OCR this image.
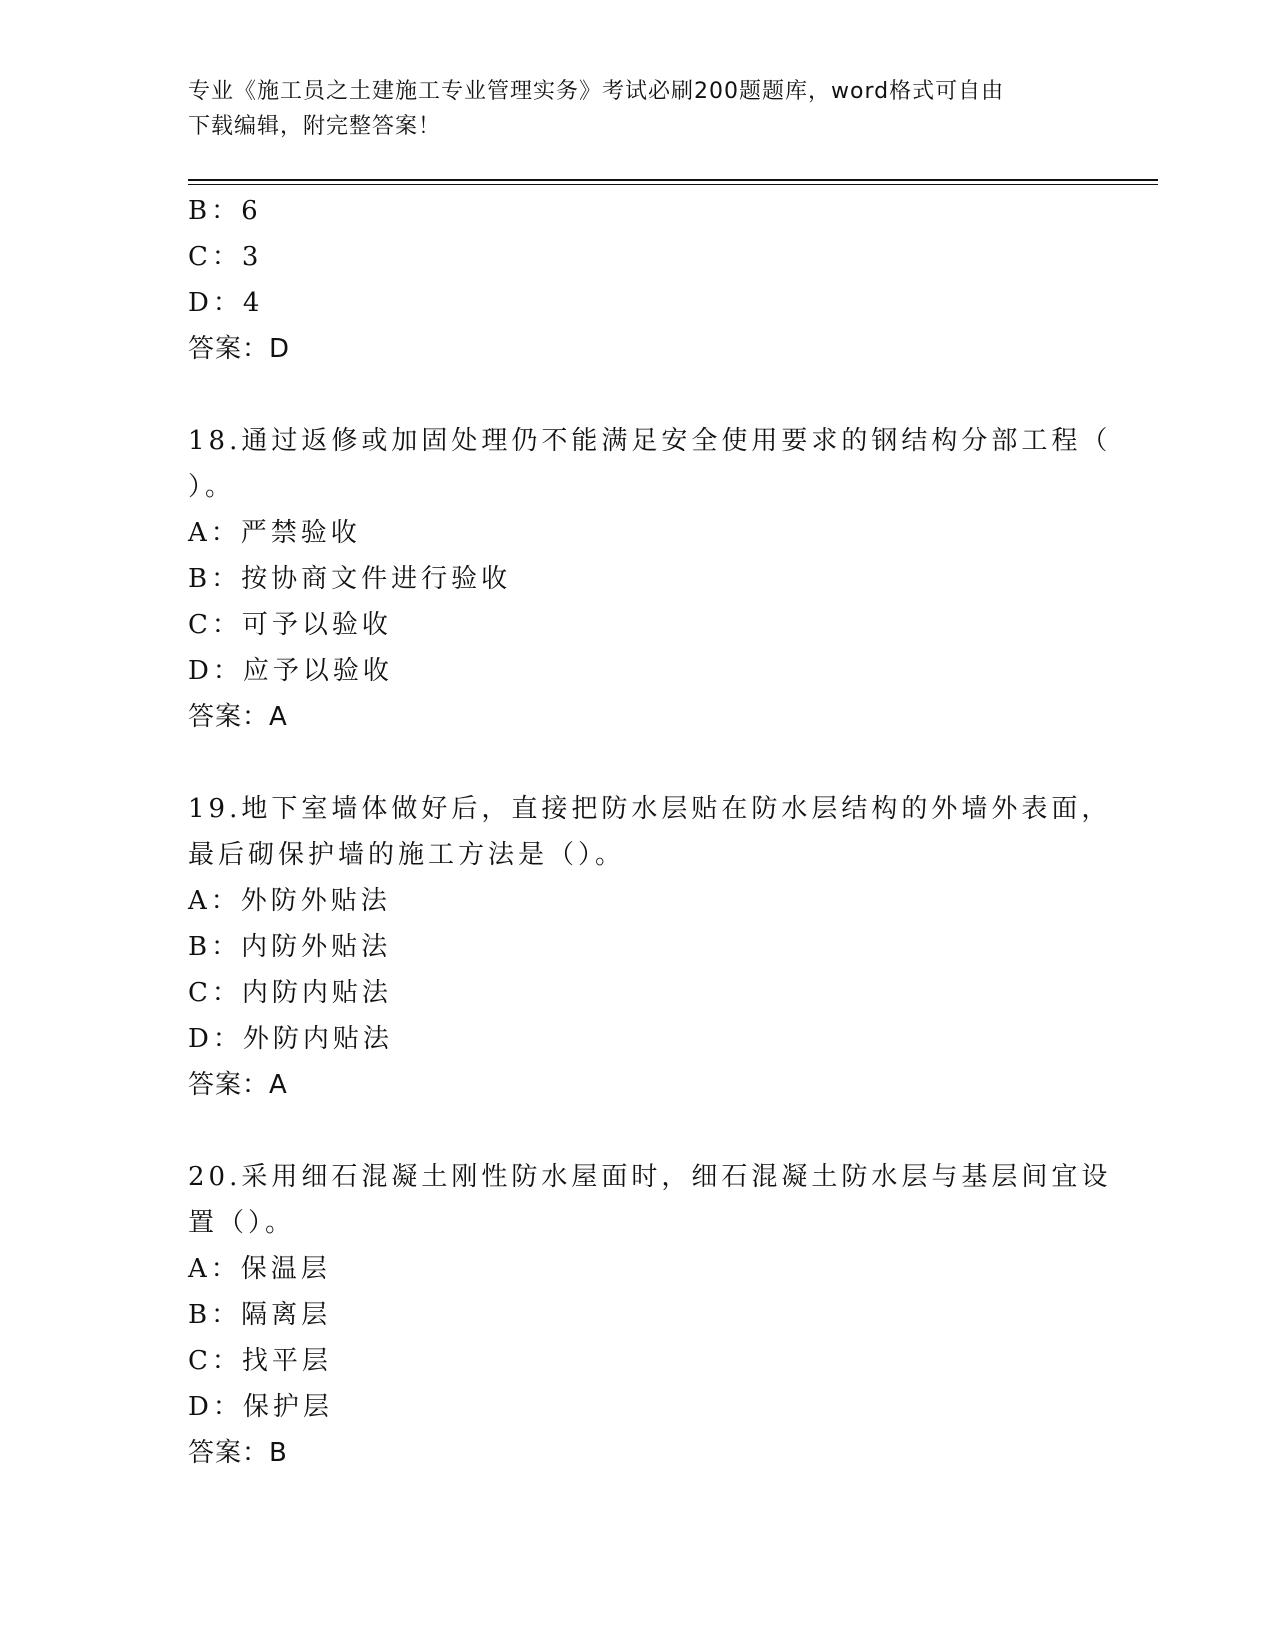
专业《施工员之土建施工专业管理实务》考试必刷200题题库，word格式可自由
下载编辑，附完整答案！
B：6
C：3
D：4
答案：D
18.通过返修或加固处理仍不能满足安全使用要求的钢结构分部工程（
）。
A：严禁验收
B：按协商文件进行验收
C：可予以验收
D：应予以验收
答案：A
19.地下室墙体做好后，直接把防水层贴在防水层结构的外墙外表面，
最后砌保护墙的施工方法是（）。
A：外防外贴法
B：内防外贴法
C：内防内贴法
D：外防内贴法
答案：A
20.采用细石混凝土刚性防水屋面时，细石混凝土防水层与基层间宜设
置（）。
A：保温层
B：隔离层
C：找平层
D：保护层
答案：B
